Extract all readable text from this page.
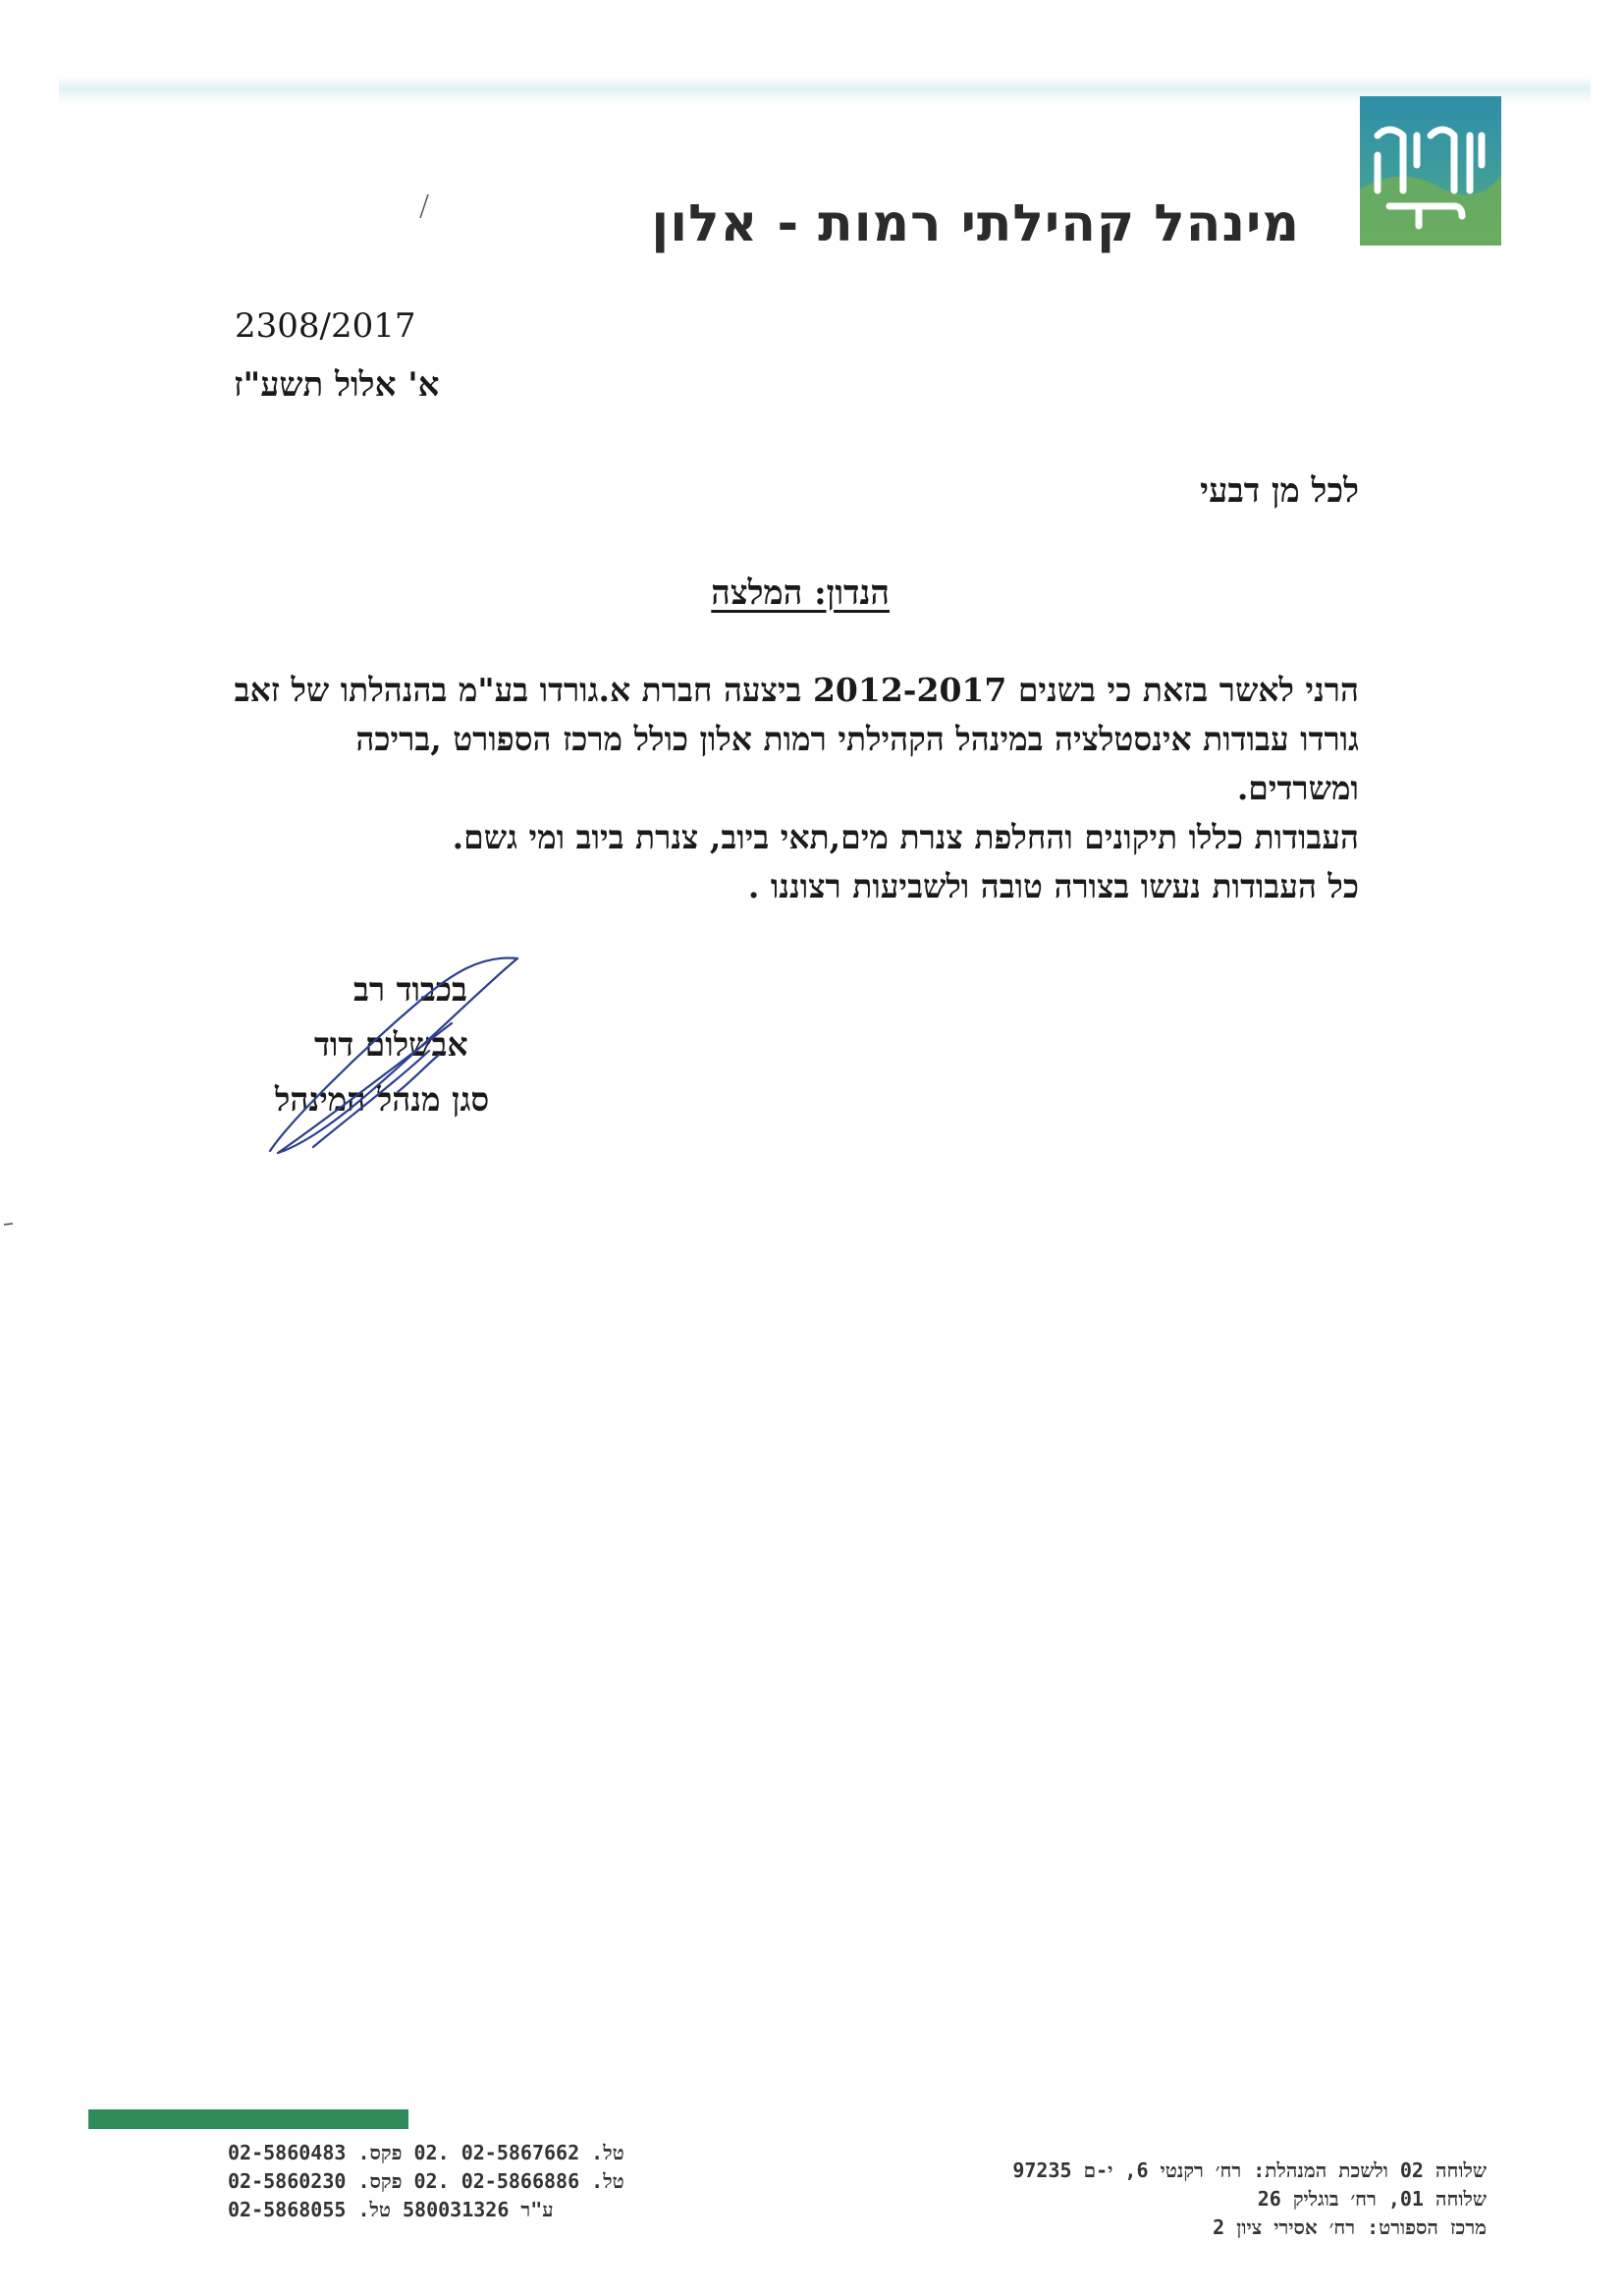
מינהל קהילתי רמות - אלון
2308/2017
א' אלול תשע"ז
לכל מן דבעי
הנדון: המלצה

הרני לאשר בזאת כי בשנים 2012-2017 ביצעה חברת א.גורדו בע"מ בהנהלתו של זאב

גורדו עבודות אינסטלציה במינהל הקהילתי רמות אלון כולל מרכז הספורט ,בריכה

ומשרדים.

העבודות כללו תיקונים והחלפת צנרת מים,תאי ביוב, צנרת ביוב ומי גשם.

כל העבודות נעשו בצורה טובה ולשביעות רצוננו .

בכבוד רב
אבשלום דוד
סגן מנהל המינהל
טל. 02-5867662 .02 פקס. 02-5860483
טל. 02-5866886 .02 פקס. 02-5860230
ע"ר 580031326 טל. 02-5868055
שלוחה 02 ולשכת המנהלת: רח׳ רקנטי 6, י-ם 97235
שלוחה 01, רח׳ בוגליק 26
מרכז הספורט: רח׳ אסירי ציון 2
